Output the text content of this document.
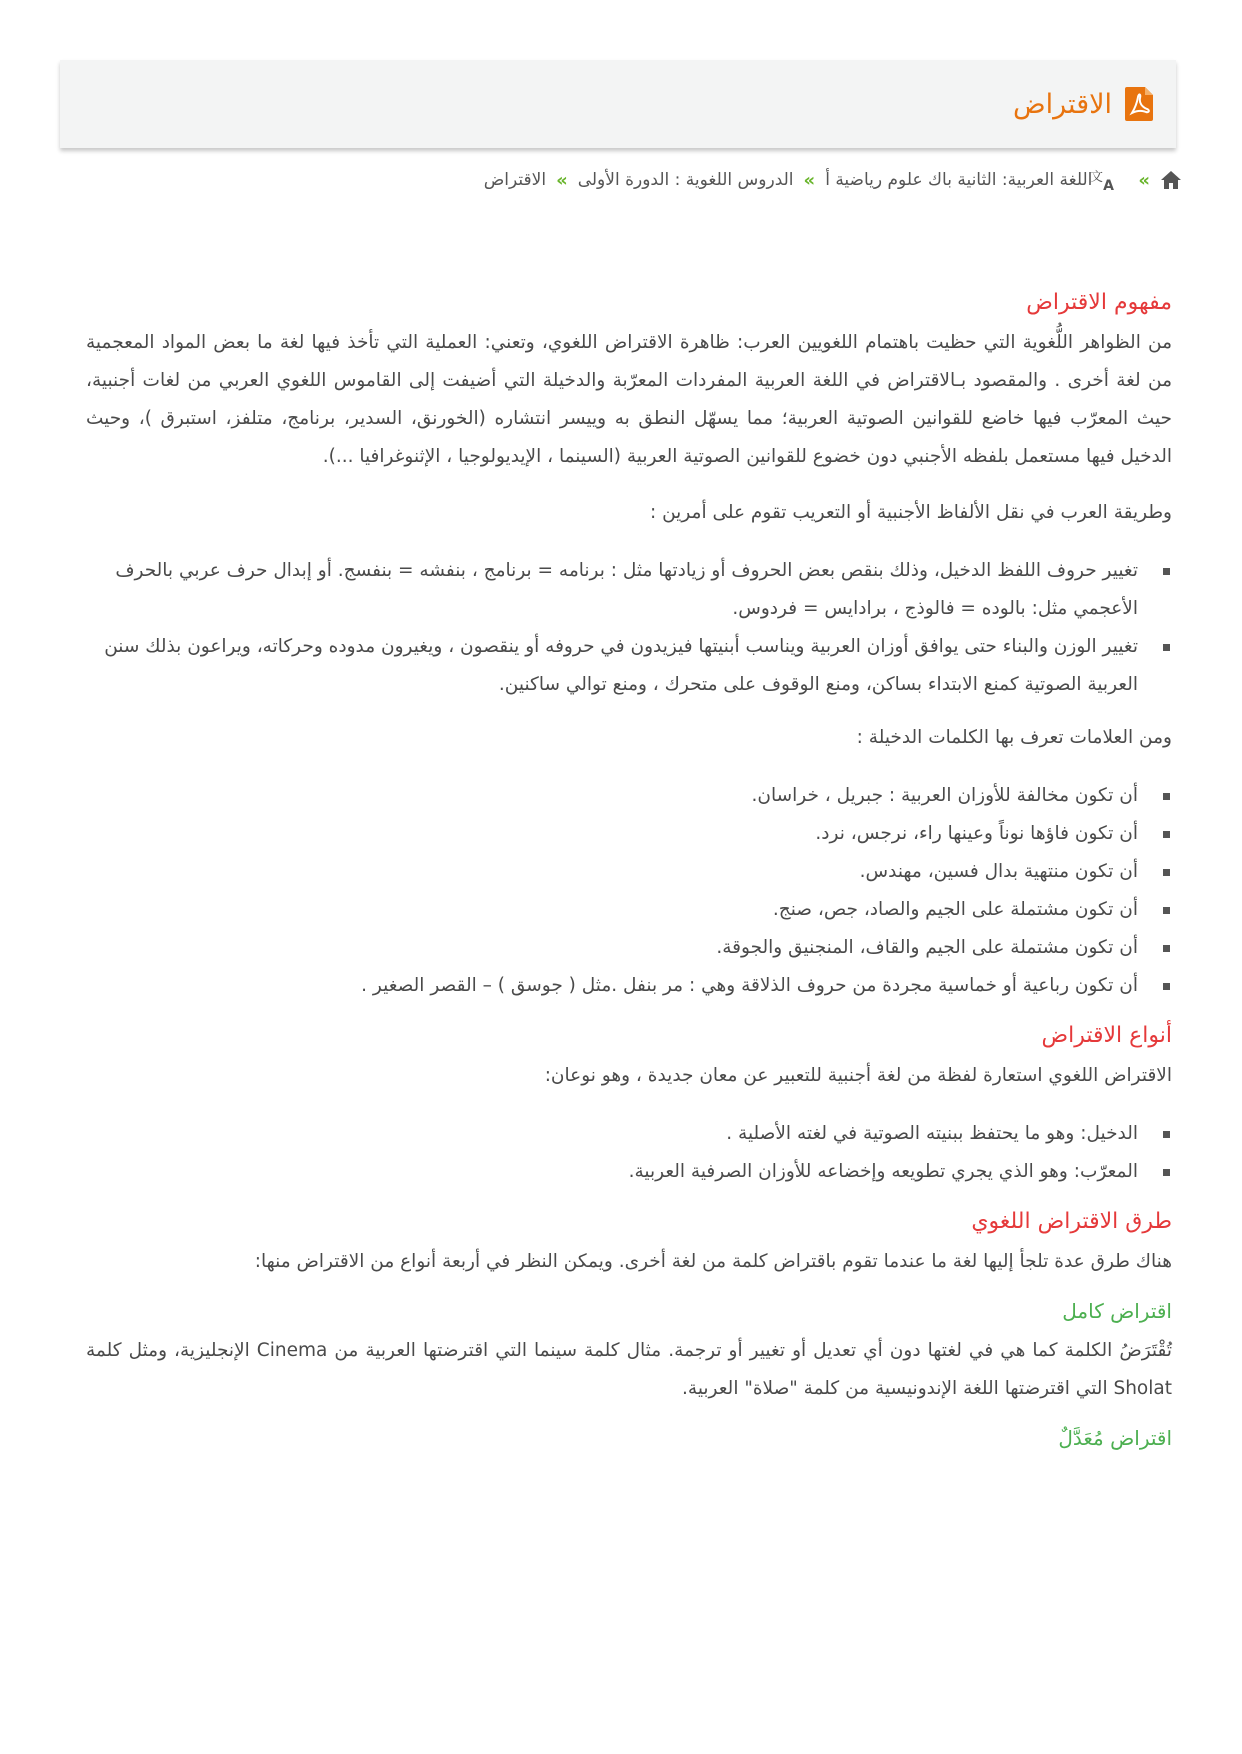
الاقتراض
»
文
A
اللغة العربية: الثانية باك علوم رياضية أ
»
الدروس اللغوية : الدورة الأولى
»
الاقتراض
مفهوم الاقتراض

من الظواهر اللُّغوية التي حظيت باهتمام اللغويين العرب: ظاهرة الاقتراض اللغوي، وتعني: العملية التي تأخذ فيها لغة ما بعض المواد المعجمية من لغة أخرى . والمقصود بـالاقتراض في اللغة العربية المفردات المعرّبة والدخيلة التي أضيفت إلى القاموس اللغوي العربي من لغات أجنبية، حيث المعرّب فيها خاضع للقوانين الصوتية العربية؛ مما يسهّل النطق به وييسر انتشاره (الخورنق، السدير، برنامج، متلفز، استبرق )، وحيث الدخيل فيها مستعمل بلفظه الأجنبي دون خضوع للقوانين الصوتية العربية (السينما ، الإيديولوجيا ، الإثنوغرافيا ...).

وطريقة العرب في نقل الألفاظ الأجنبية أو التعريب تقوم على أمرين :

تغيير حروف اللفظ الدخيل، وذلك بنقص بعض الحروف أو زيادتها مثل : برنامه = برنامج ، بنفشه = بنفسج. أو إبدال حرف عربي بالحرف الأعجمي مثل: بالوده = فالوذج ، برادايس = فردوس.
تغيير الوزن والبناء حتى يوافق أوزان العربية ويناسب أبنيتها فيزيدون في حروفه أو ينقصون ، ويغيرون مدوده وحركاته، ويراعون بذلك سنن العربية الصوتية كمنع الابتداء بساكن، ومنع الوقوف على متحرك ، ومنع توالي ساكنين.

ومن العلامات تعرف بها الكلمات الدخيلة :

أن تكون مخالفة للأوزان العربية : جبريل ، خراسان.
أن تكون فاؤها نوناً وعينها راء، نرجس، نرد.
أن تكون منتهية بدال فسين، مهندس.
أن تكون مشتملة على الجيم والصاد، جص، صنج.
أن تكون مشتملة على الجيم والقاف، المنجنيق والجوقة.
أن تكون رباعية أو خماسية مجردة من حروف الذلاقة وهي : مر بنفل .مثل ( جوسق ) – القصر الصغير .
أنواع الاقتراض

الاقتراض اللغوي استعارة لفظة من لغة أجنبية للتعبير عن معان جديدة ، وهو نوعان:

الدخيل: وهو ما يحتفظ ببنيته الصوتية في لغته الأصلية .
المعرّب: وهو الذي يجري تطويعه وإخضاعه للأوزان الصرفية العربية.
طرق الاقتراض اللغوي

هناك طرق عدة تلجأ إليها لغة ما عندما تقوم باقتراض كلمة من لغة أخرى. ويمكن النظر في أربعة أنواع من الاقتراض منها:

اقتراض كامل

تُقْتَرَضُ الكلمة كما هي في لغتها دون أي تعديل أو تغيير أو ترجمة. مثال كلمة سينما التي اقترضتها العربية من Cinema الإنجليزية، ومثل كلمة Sholat التي اقترضتها اللغة الإندونيسية من كلمة "صلاة" العربية.

اقتراض مُعَدَّلٌ
